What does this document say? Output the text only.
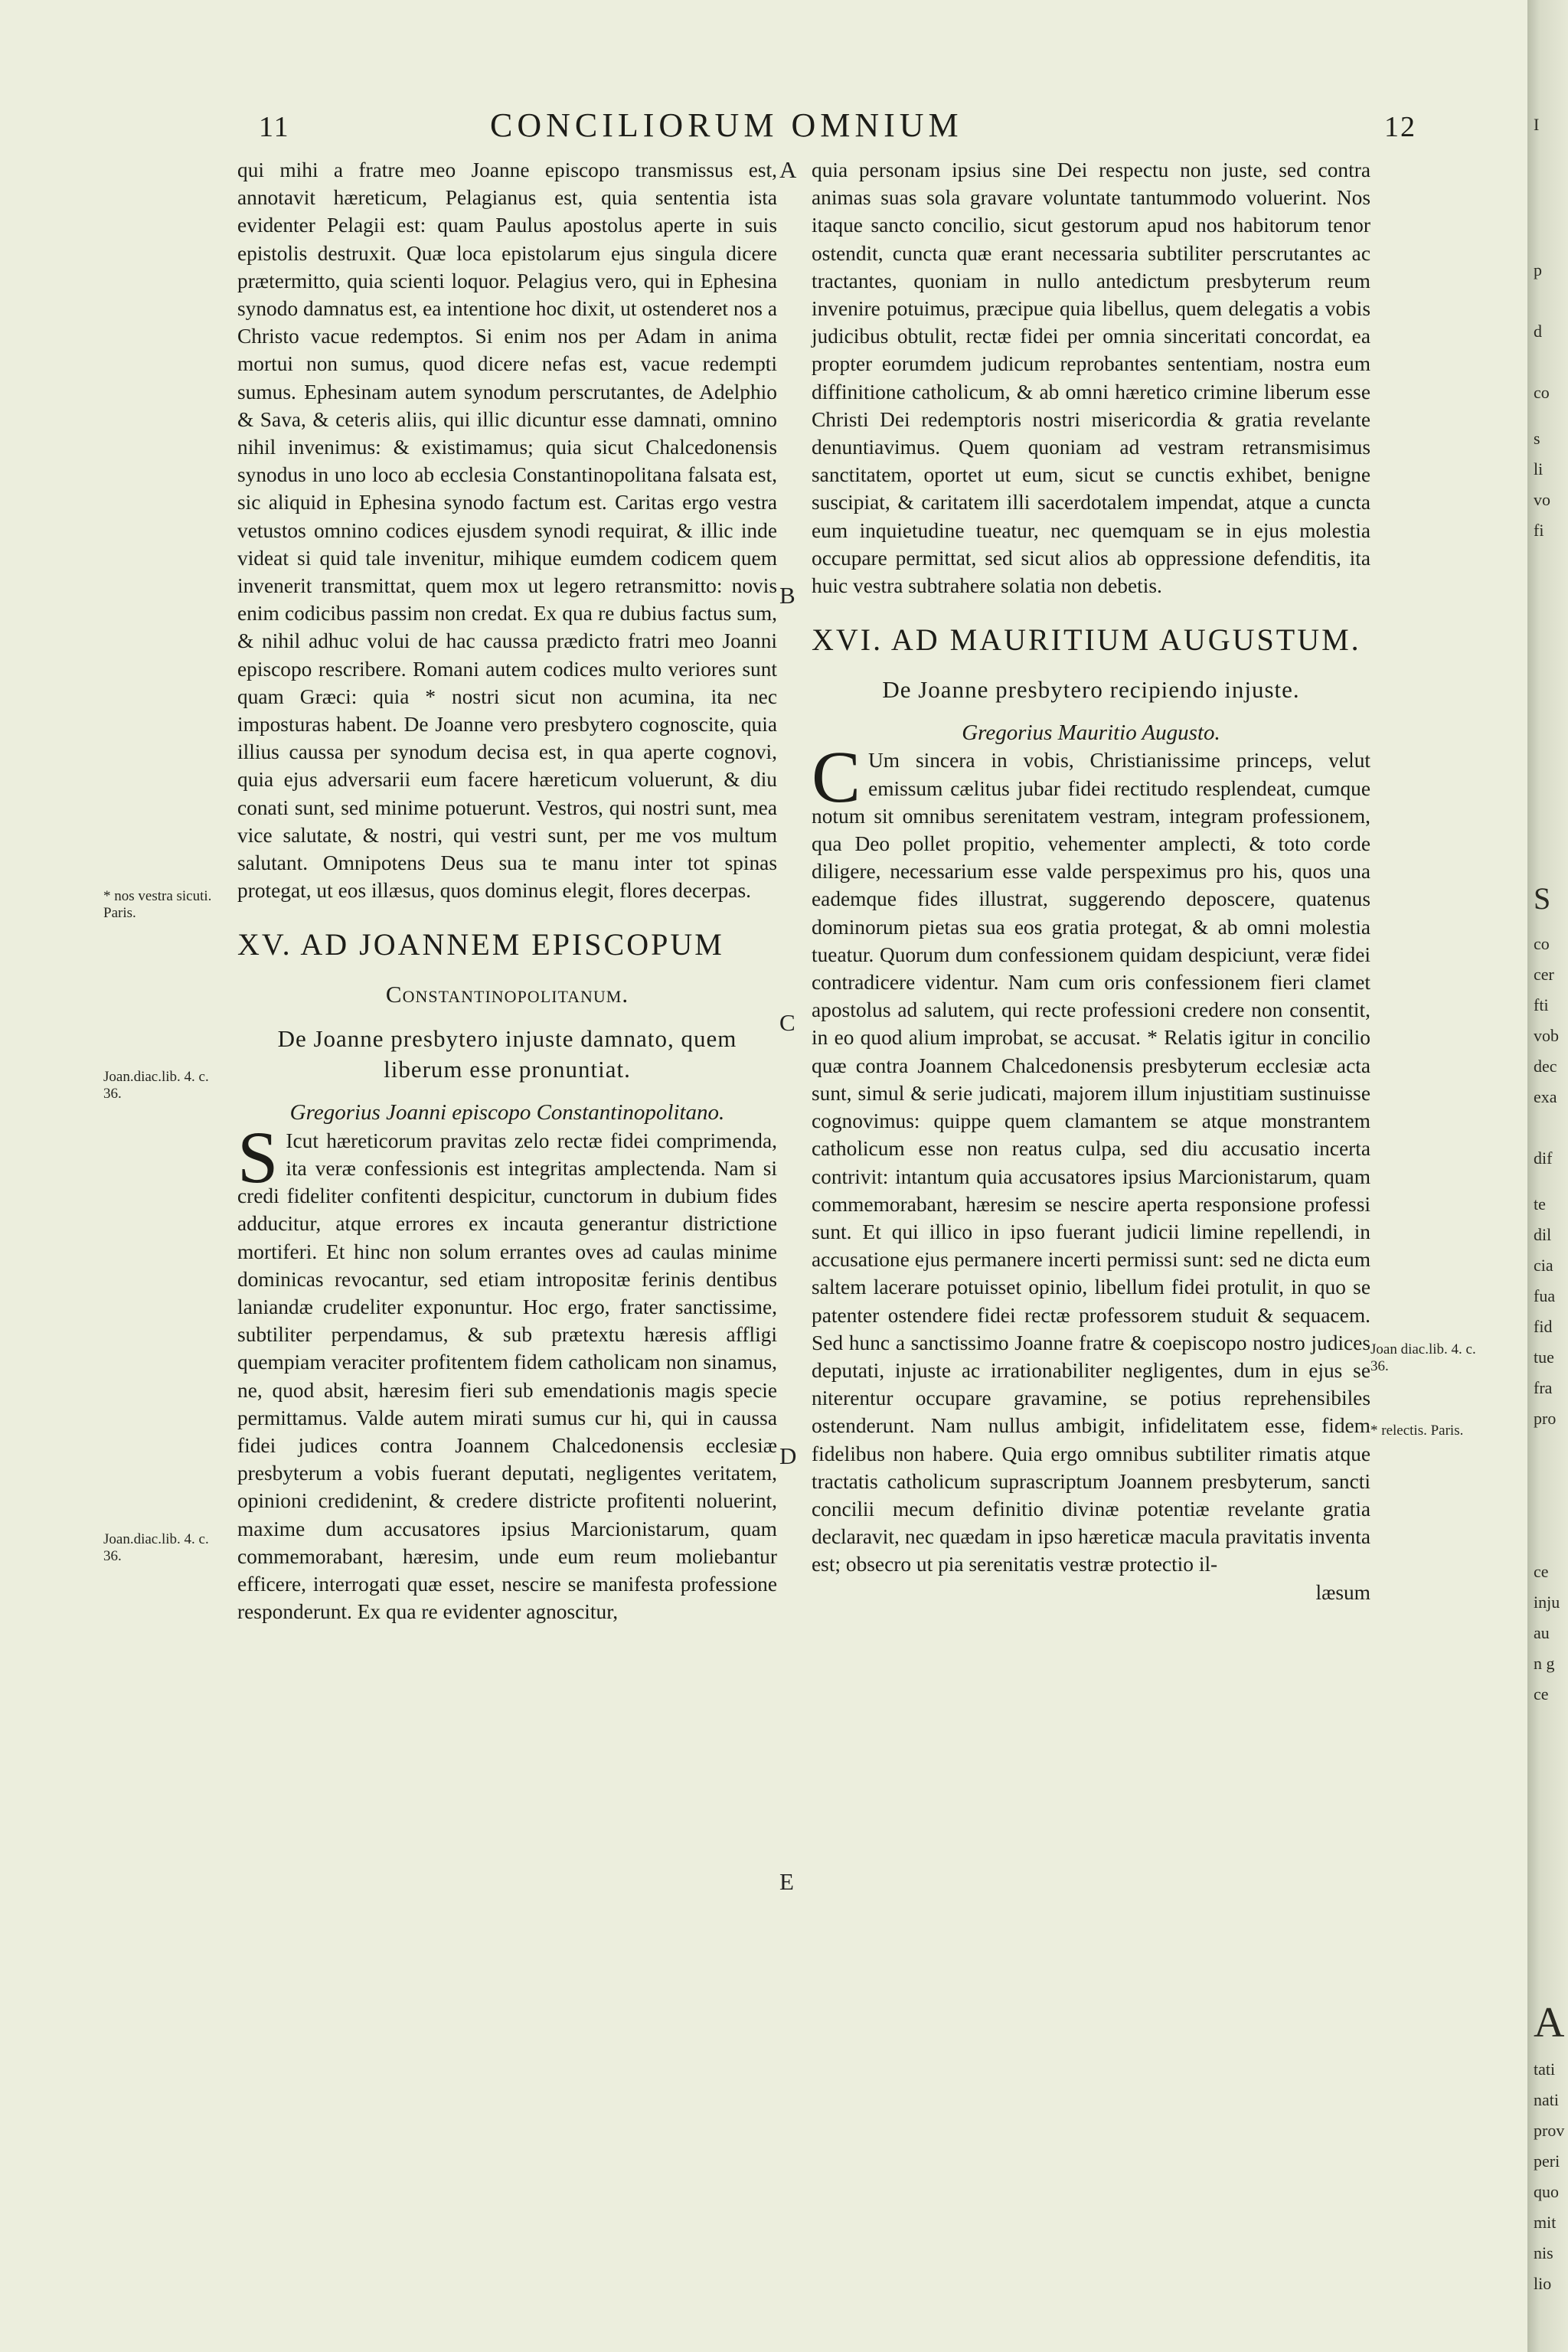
11	CONCILIORUM OMNIUM	12

qui mihi a fratre meo Joanne episcopo transmissus est, annotavit hæreticum, Pelagianus est, quia sententia ista evidenter Pelagii est: quam Paulus apostolus aperte in suis epistolis destruxit. Quæ loca epistolarum ejus singula dicere prætermitto, quia scienti loquor. Pelagius vero, qui in Ephesina synodo damnatus est, ea intentione hoc dixit, ut ostenderet nos a Christo vacue redemptos. Si enim nos per Adam in anima mortui non sumus, quod dicere nefas est, vacue redempti sumus. Ephesinam autem synodum perscrutantes, de Adelphio & Sava, & ceteris aliis, qui illic dicuntur esse damnati, omnino nihil invenimus: & existimamus; quia sicut Chalcedonensis synodus in uno loco ab ecclesia Constantinopolitana falsata est, sic aliquid in Ephesina synodo factum est. Caritas ergo vestra vetustos omnino codices ejusdem synodi requirat, & illic inde videat si quid tale invenitur, mihique eumdem codicem quem invenerit transmittat, quem mox ut legero retransmitto: novis enim codicibus passim non credat. Ex qua re dubius factus sum, & nihil adhuc volui de hac caussa prædicto fratri meo Joanni episcopo rescribere. Romani autem codices multo veriores sunt quam Græci: quia * nostri sicut non acumina, ita nec imposturas habent. De Joanne vero presbytero cognoscite, quia illius caussa per synodum decisa est, in qua aperte cognovi, quia ejus adversarii eum facere hæreticum voluerunt, & diu conati sunt, sed minime potuerunt. Vestros, qui nostri sunt, mea vice salutate, & nostri, qui vestri sunt, per me vos multum salutant. Omnipotens Deus sua te manu inter tot spinas protegat, ut eos illæsus, quos dominus elegit, flores decerpas.

XV. AD JOANNEM EPISCOPUM
Constantinopolitanum.
De Joanne presbytero injuste damnato, quem liberum esse pronuntiat.

Gregorius Joanni episcopo Constantinopolitano.

S Icut hæreticorum pravitas zelo rectæ fidei comprimenda, ita veræ confessionis est integritas amplectenda. Nam si credi fideliter confitenti despicitur, cunctorum in dubium fides adducitur, atque errores ex incauta generantur districtione mortiferi. Et hinc non solum errantes oves ad caulas minime dominicas revocantur, sed etiam intropositæ ferinis dentibus laniandæ crudeliter exponuntur. Hoc ergo, frater sanctissime, subtiliter perpendamus, & sub prætextu hæresis affligi quempiam veraciter profitentem fidem catholicam non sinamus, ne, quod absit, hæresim fieri sub emendationis magis specie permittamus. Valde autem mirati sumus cur hi, qui in caussa fidei judices contra Joannem Chalcedonensis ecclesiæ presbyterum a vobis fuerant deputati, negligentes veritatem, opinioni credidenint, & credere districte profitenti noluerint, maxime dum accusatores ipsius Marcionistarum, quam commemorabant, hæresim, unde eum reum moliebantur efficere, interrogati quæ esset, nescire se manifesta professione responderunt. Ex qua re evidenter agnoscitur,

quia personam ipsius sine Dei respectu non juste, sed contra animas suas sola gravare voluntate tantummodo voluerint. Nos itaque sancto concilio, sicut gestorum apud nos habitorum tenor ostendit, cuncta quæ erant necessaria subtiliter perscrutantes ac tractantes, quoniam in nullo antedictum presbyterum reum invenire potuimus, præcipue quia libellus, quem delegatis a vobis judicibus obtulit, rectæ fidei per omnia sinceritati concordat, ea propter eorumdem judicum reprobantes sententiam, nostra eum diffinitione catholicum, & ab omni hæretico crimine liberum esse Christi Dei redemptoris nostri misericordia & gratia revelante denuntiavimus. Quem quoniam ad vestram retransmisimus sanctitatem, oportet ut eum, sicut se cunctis exhibet, benigne suscipiat, & caritatem illi sacerdotalem impendat, atque a cuncta eum inquietudine tueatur, nec quemquam se in ejus molestia occupare permittat, sed sicut alios ab oppressione defenditis, ita huic vestra subtrahere solatia non debetis.

XVI. AD MAURITIUM AUGUSTUM.
De Joanne presbytero recipiendo injuste.

Gregorius Mauritio Augusto.

C Um sincera in vobis, Christianissime princeps, velut emissum cælitus jubar fidei rectitudo resplendeat, cumque notum sit omnibus serenitatem vestram, integram professionem, qua Deo pollet propitio, vehementer amplecti, & toto corde diligere, necessarium esse valde perspeximus pro his, quos una eademque fides illustrat, suggerendo deposcere, quatenus dominorum pietas sua eos gratia protegat, & ab omni molestia tueatur. Quorum dum confessionem quidam despiciunt, veræ fidei contradicere videntur. Nam cum oris confessionem fieri clamet apostolus ad salutem, qui recte professioni credere non consentit, in eo quod alium improbat, se accusat. * Relatis igitur in concilio quæ contra Joannem Chalcedonensis presbyterum ecclesiæ acta sunt, simul & serie judicati, majorem illum injustitiam sustinuisse cognovimus: quippe quem clamantem se atque monstrantem catholicum esse non reatus culpa, sed diu accusatio incerta contrivit: intantum quia accusatores ipsius Marcionistarum, quam commemorabant, hæresim se nescire aperta responsione professi sunt. Et qui illico in ipso fuerant judicii limine repellendi, in accusatione ejus permanere incerti permissi sunt: sed ne dicta eum saltem lacerare potuisset opinio, libellum fidei protulit, in quo se patenter ostendere fidei rectæ professorem studuit & sequacem. Sed hunc a sanctissimo Joanne fratre & coepiscopo nostro judices deputati, injuste ac irrationabiliter negligentes, dum in ejus se niterentur occupare gravamine, se potius reprehensibiles ostenderunt. Nam nullus ambigit, infidelitatem esse, fidem fidelibus non habere. Quia ergo omnibus subtiliter rimatis atque tractatis catholicum suprascriptum Joannem presbyterum, sancti concilii mecum definitio divinæ potentiæ revelante gratia declaravit, nec quædam in ipso hæreticæ macula pravitatis inventa est; obsecro ut pia serenitatis vestræ protectio il-

læsum

A
B
C
D
E
* nos vestra sicuti. Paris.
Joan.diac.lib. 4. c. 36.
Joan.diac.lib. 4. c. 36.
Joan diac.lib. 4. c. 36.
* relectis. Paris.
I
p
d
co
s
li
vo
fi
S
co
cer
fti
vob
dec
exa
dif
te
dil
cia
fua
fid
tue
fra
pro
ce
inju
au
n g
ce
A
tati
nati
prov
peri
quo
mit
nis
lio
